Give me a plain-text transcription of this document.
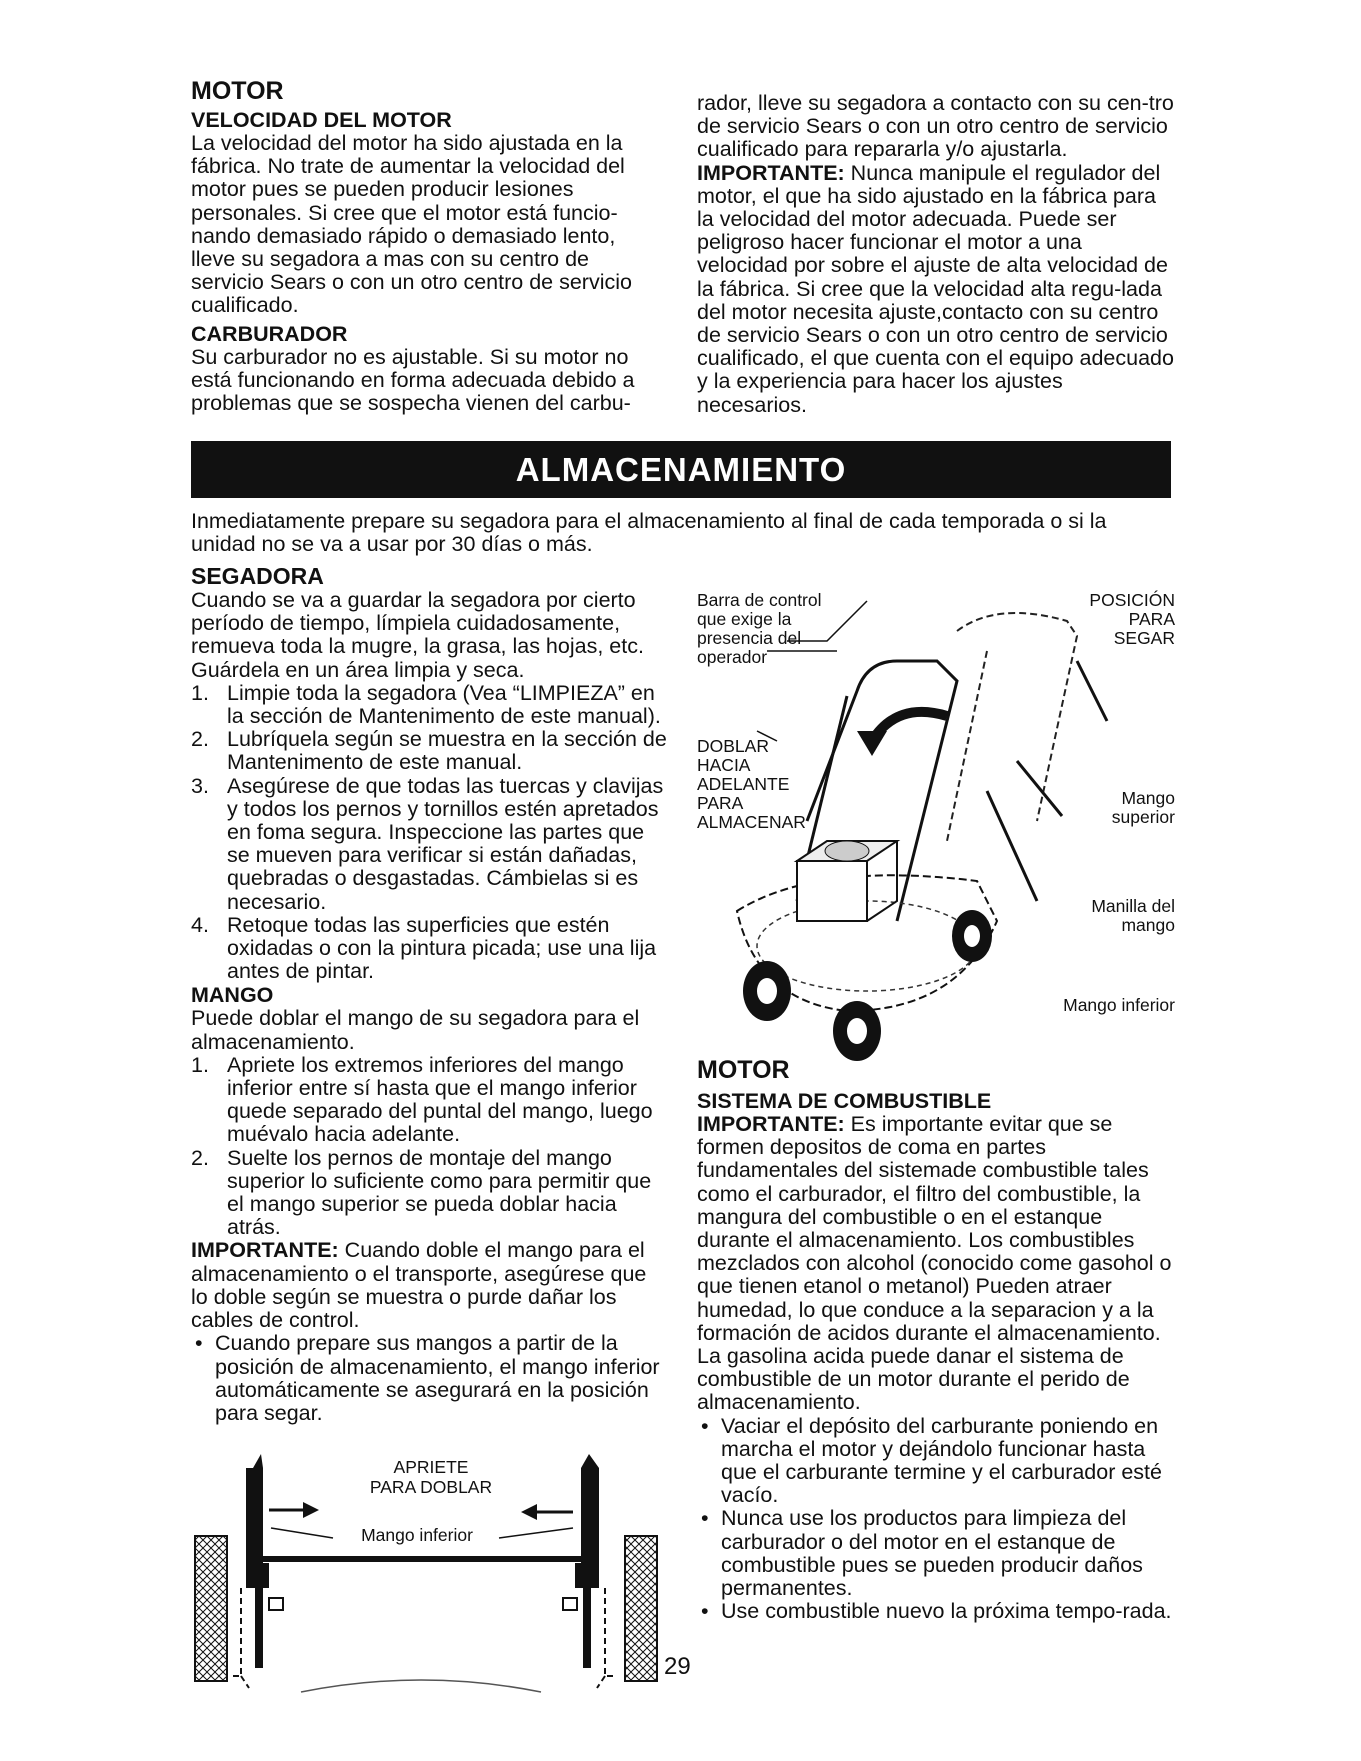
MOTOR
VELOCIDAD DEL MOTOR

La velocidad del motor ha sido ajustada en la fábrica. No trate de aumentar la velocidad del motor pues se pueden producir lesiones personales. Si cree que el motor está funcio-nando demasiado rápido o demasiado lento, lleve su segadora a mas con su centro de servicio Sears o con un otro centro de servicio cualificado.

CARBURADOR

Su carburador no es ajustable. Si su motor no está funcionando en forma adecuada debido a problemas que se sospecha vienen del carbu-

rador, lleve su segadora a contacto con su cen-tro de servicio Sears o con un otro centro de servicio cualificado para repararla y/o ajustarla.

IMPORTANTE: Nunca manipule el regulador del motor, el que ha sido ajustado en la fábrica para la velocidad del motor adecuada. Puede ser peligroso hacer funcionar el motor a una velocidad por sobre el ajuste de alta velocidad de la fábrica. Si cree que la velocidad alta regu-lada del motor necesita ajuste,contacto con su centro de servicio Sears o con un otro centro de servicio cualificado, el que cuenta con el equipo adecuado y la experiencia para hacer los ajustes necesarios.

ALMACENAMIENTO

Inmediatamente prepare su segadora para el almacenamiento al final de cada temporada o si la unidad no se va a usar por 30 días o más.

SEGADORA

Cuando se va a guardar la segadora por cierto período de tiempo, límpiela cuidadosamente, remueva toda la mugre, la grasa, las hojas, etc. Guárdela en un área limpia y seca.

1. Limpie toda la segadora (Vea “LIMPIEZA” en la sección de Mantenimento de este manual).
2. Lubríquela según se muestra en la sección de Mantenimento de este manual.
3. Asegúrese de que todas las tuercas y clavijas y todos los pernos y tornillos estén apretados en foma segura. Inspeccione las partes que se mueven para verificar si están dañadas, quebradas o desgastadas. Cámbielas si es necesario.
4. Retoque todas las superficies que estén oxidadas o con la pintura picada; use una lija antes de pintar.
MANGO

Puede doblar el mango de su segadora para el almacenamiento.

1. Apriete los extremos inferiores del mango inferior entre sí hasta que el mango inferior quede separado del puntal del mango, luego muévalo hacia adelante.
2. Suelte los pernos de montaje del mango superior lo suficiente como para permitir que el mango superior se pueda doblar hacia atrás.

IMPORTANTE: Cuando doble el mango para el almacenamiento o el transporte, asegúrese que lo doble según se muestra o purde dañar los cables de control.

• Cuando prepare sus mangos a partir de la posición de almacenamiento, el mango inferior automáticamente se asegurará en la posición para segar.
APRIETE
PARA DOBLAR
Mango inferior
Barra de control
que exige la
presencia del
operador
POSICIÓN
PARA
SEGAR
DOBLAR
HACIA
ADELANTE
PARA
ALMACENAR
Mango
superior
Manilla del
mango
Mango inferior
MOTOR
SISTEMA DE COMBUSTIBLE

IMPORTANTE: Es importante evitar que se formen depositos de coma en partes fundamentales del sistemade combustible tales como el carburador, el filtro del combustible, la mangura del combustible o en el estanque durante el almacenamiento. Los combustibles mezclados con alcohol (conocido come gasohol o que tienen etanol o metanol) Pueden atraer humedad, lo que conduce a la separacion y a la formación de acidos durante el almacenamiento. La gasolina acida puede danar el sistema de combustible de un motor durante el perido de almacenamiento.

• Vaciar el depósito del carburante poniendo en marcha el motor y dejándolo funcionar hasta que el carburante termine y el carburador esté vacío.
• Nunca use los productos para limpieza del carburador o del motor en el estanque de combustible pues se pueden producir daños permanentes.
• Use combustible nuevo la próxima tempo-rada.
29
